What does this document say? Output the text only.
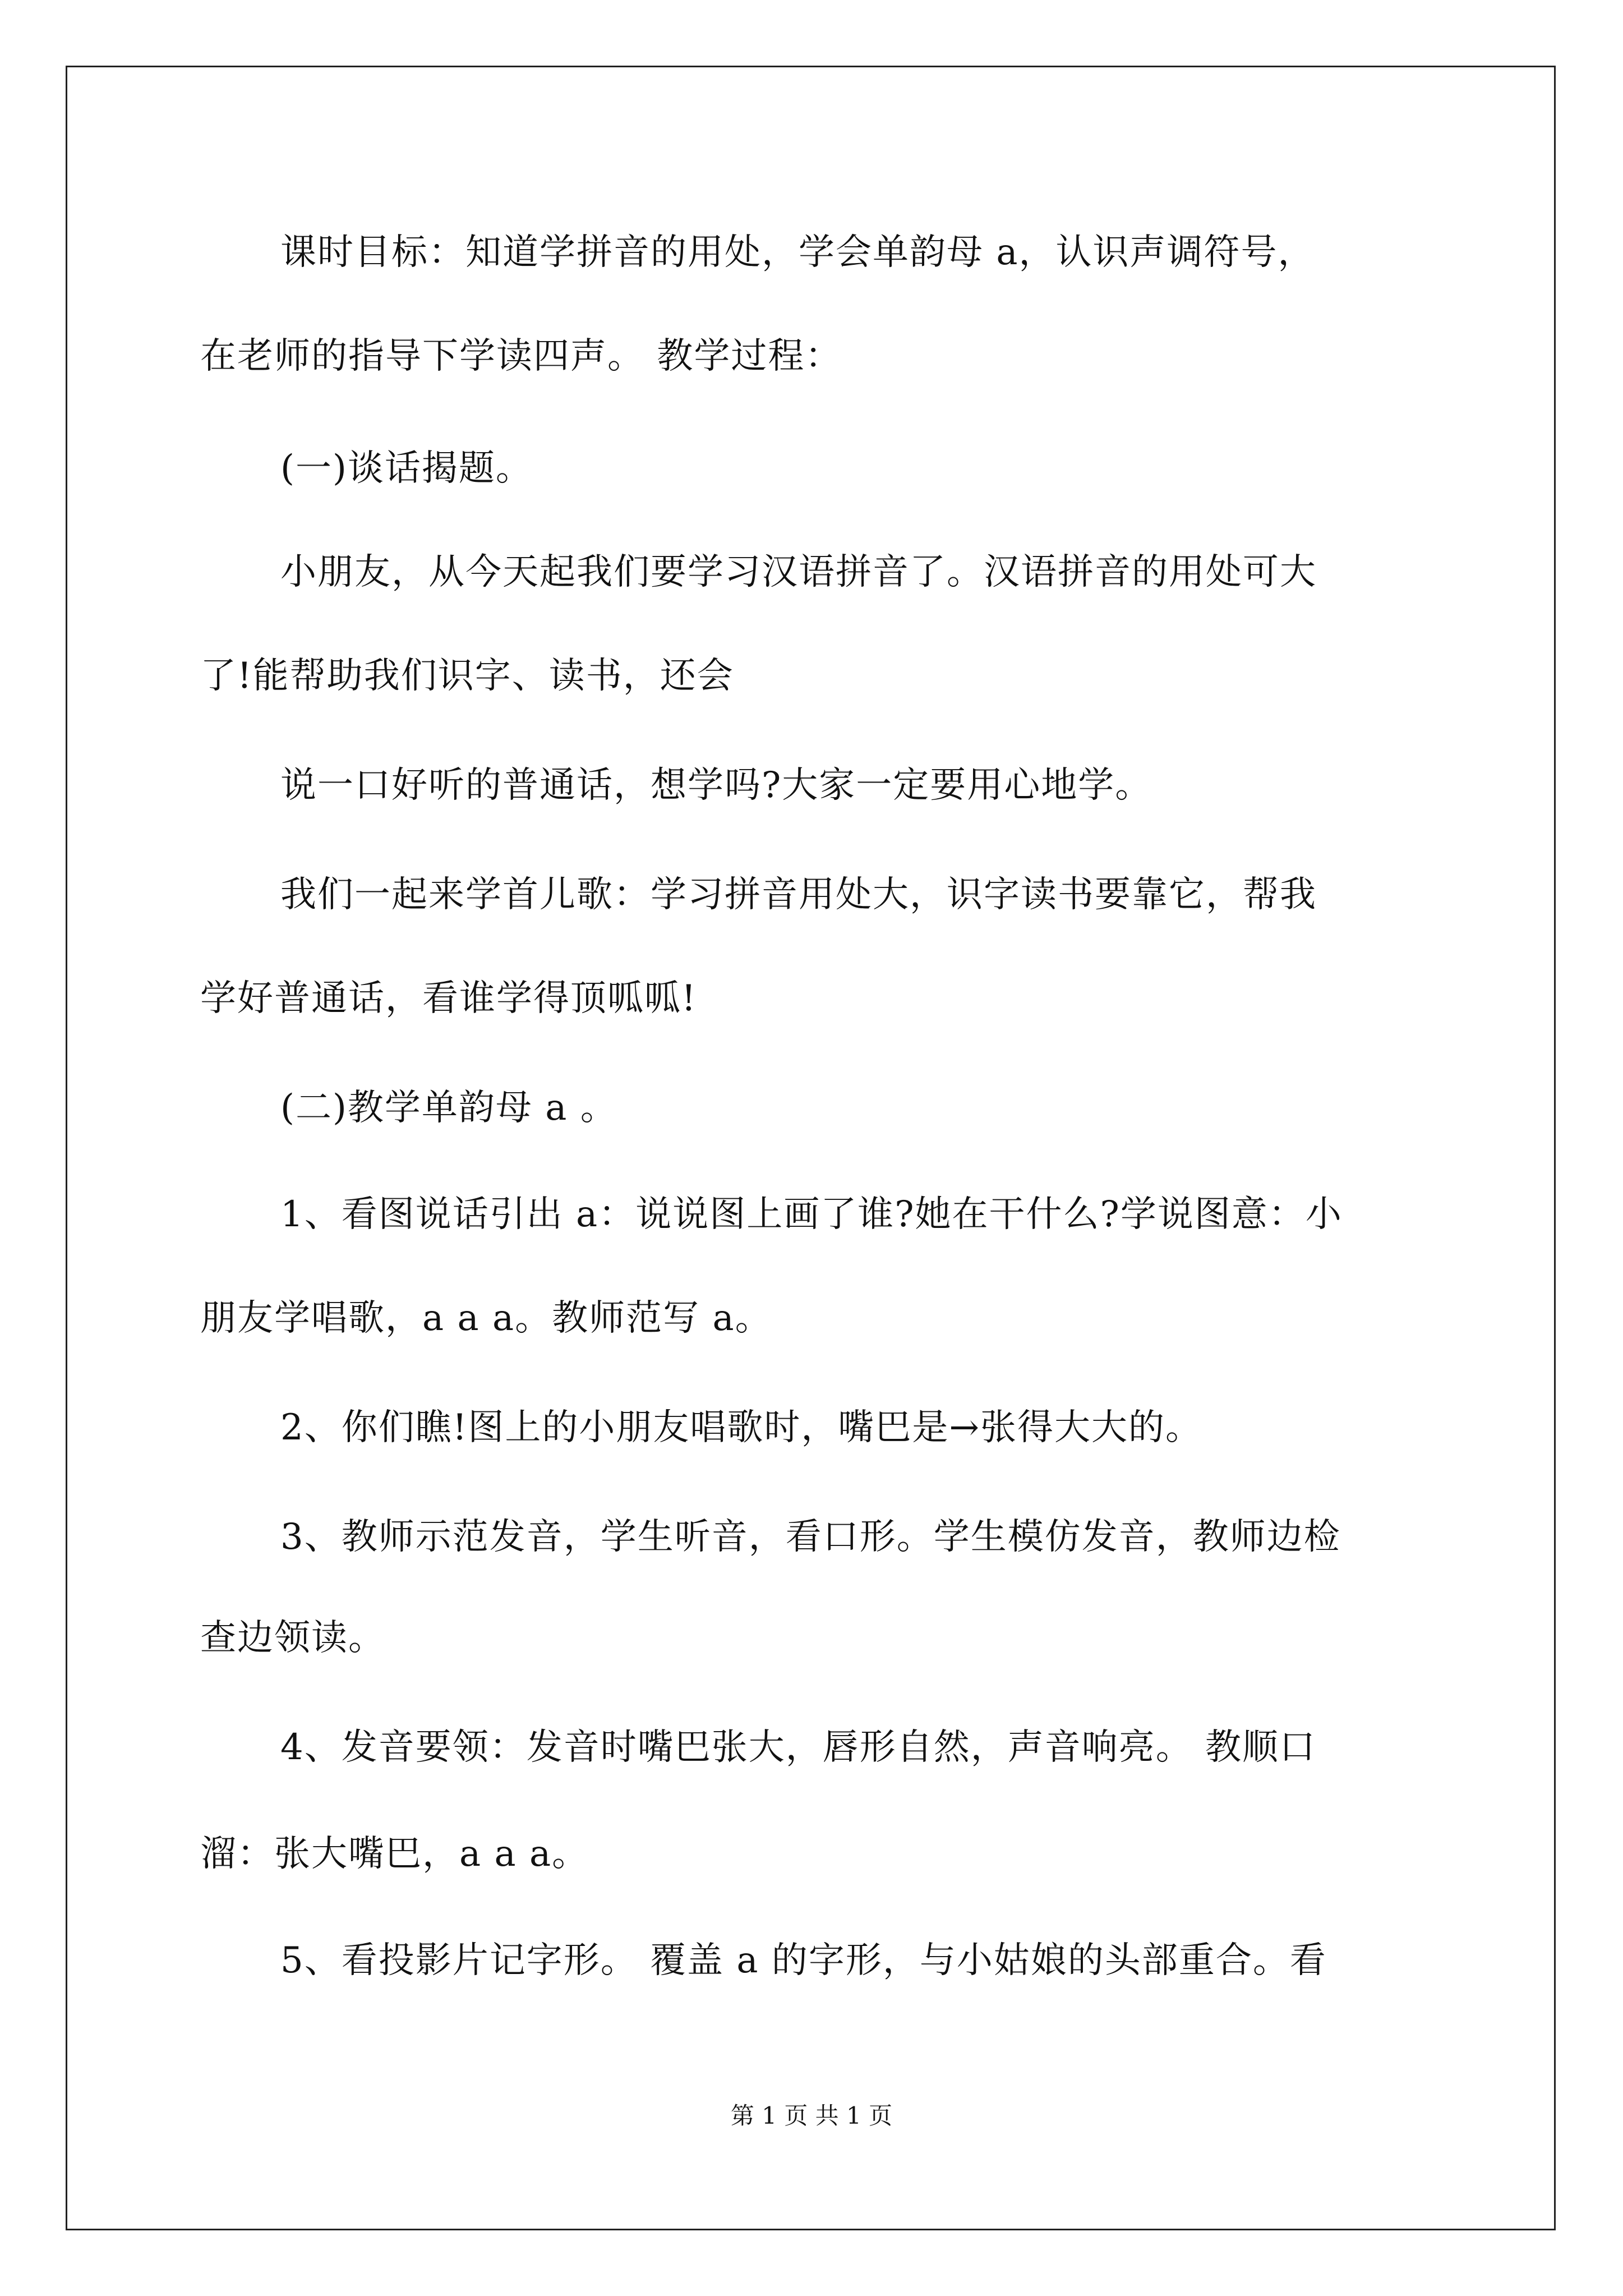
课时目标：知道学拼音的用处，学会单韵母 a，认识声调符号，
在老师的指导下学读四声。 教学过程：
(一)谈话揭题。
小朋友，从今天起我们要学习汉语拼音了。汉语拼音的用处可大
了!能帮助我们识字、读书，还会
说一口好听的普通话，想学吗?大家一定要用心地学。
我们一起来学首儿歌：学习拼音用处大，识字读书要靠它，帮我
学好普通话，看谁学得顶呱呱!
(二)教学单韵母 a 。
1、看图说话引出 a：说说图上画了谁?她在干什么?学说图意：小
朋友学唱歌，a a a。教师范写 a。
2、你们瞧!图上的小朋友唱歌时，嘴巴是→张得大大的。
3、教师示范发音，学生听音，看口形。学生模仿发音，教师边检
查边领读。
4、发音要领：发音时嘴巴张大，唇形自然，声音响亮。 教顺口
溜：张大嘴巴，a a a。
5、看投影片记字形。 覆盖 a 的字形，与小姑娘的头部重合。看
第 1 页 共 1 页
